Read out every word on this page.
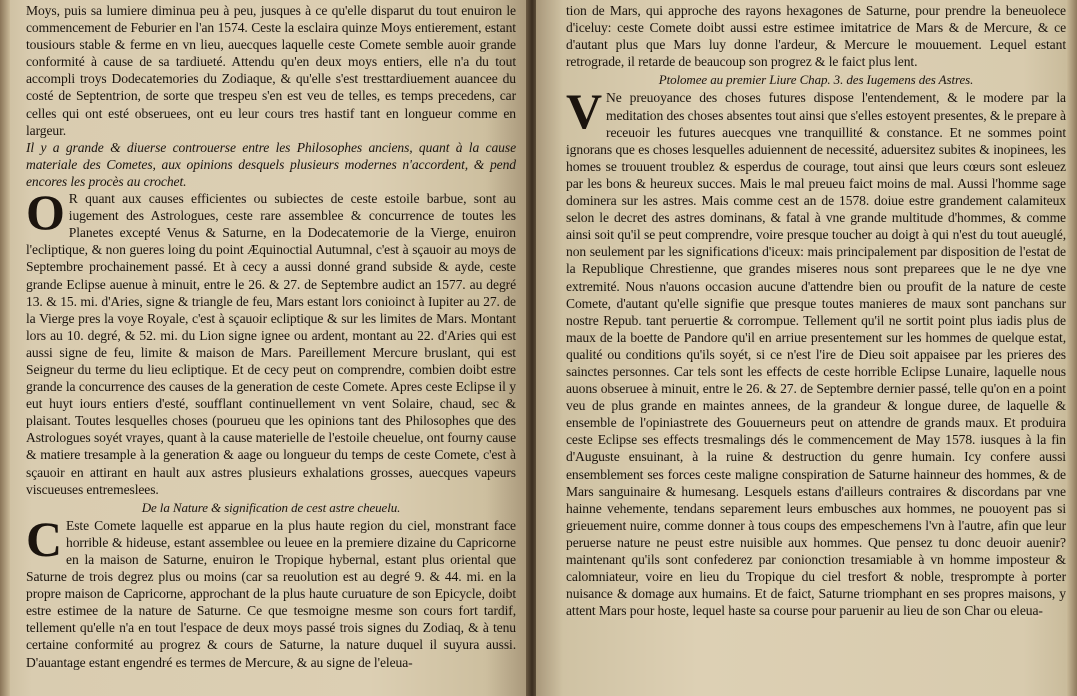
Moys, puis sa lumiere diminua peu à peu, jusques à ce qu'elle disparut du tout enuiron le commencement de Feburier en l'an 1574. Ceste la esclaira quinze Moys entierement, estant tousiours stable & ferme en vn lieu, auecques laquelle ceste Comete semble auoir grande conformité à cause de sa tardiueté. Attendu qu'en deux moys entiers, elle n'a du tout accompli troys Dodecatemories du Zodiaque, & qu'elle s'est tresttardiuement auancee du costé de Septentrion, de sorte que trespeu s'en est veu de telles, es temps precedens, car celles qui ont esté obseruees, ont eu leur cours tres hastif tant en longueur comme en largeur.

Il y a grande & diuerse controuerse entre les Philosophes anciens, quant à la cause materiale des Cometes, aux opinions desquels plusieurs modernes n'accordent, & pend encores les procès au crochet.

O R quant aux causes efficientes ou subiectes de ceste estoile barbue, sont au iugement des Astrologues, ceste rare assemblee & concurrence de toutes les Planetes excepté Venus & Saturne, en la Dodecatemorie de la Vierge, enuiron l'ecliptique, & non gueres loing du point Æquinoctial Autumnal, c'est à sçauoir au moys de Septembre prochainement passé. Et à cecy a aussi donné grand subside & ayde, ceste grande Eclipse auenue à minuit, entre le 26. & 27. de Septembre audict an 1577. au degré 13. & 15. mi. d'Aries, signe & triangle de feu, Mars estant lors conioinct à Iupiter au 27. de la Vierge pres la voye Royale, c'est à sçauoir ecliptique & sur les limites de Mars. Montant lors au 10. degré, & 52. mi. du Lion signe ignee ou ardent, montant au 22. d'Aries qui est aussi signe de feu, limite & maison de Mars. Pareillement Mercure bruslant, qui est Seigneur du terme du lieu ecliptique. Et de cecy peut on comprendre, combien doibt estre grande la concurrence des causes de la generation de ceste Comete. Apres ceste Eclipse il y eut huyt iours entiers d'esté, soufflant continuellement vn vent Solaire, chaud, sec & plaisant. Toutes lesquelles choses (pourueu que les opinions tant des Philosophes que des Astrologues soyét vrayes, quant à la cause materielle de l'estoile cheuelue, ont fourny cause & matiere tresample à la generation & aage ou longueur du temps de ceste Comete, c'est à sçauoir en attirant en hault aux astres plusieurs exhalations grosses, auecques vapeurs viscueuses entremeslees.

De la Nature & signification de cest astre cheuelu.

C Este Comete laquelle est apparue en la plus haute region du ciel, monstrant face horrible & hideuse, estant assemblee ou leuee en la premiere dizaine du Capricorne en la maison de Saturne, enuiron le Tropique hybernal, estant plus oriental que Saturne de trois degrez plus ou moins (car sa reuolution est au degré 9. & 44. mi. en la propre maison de Capricorne, approchant de la plus haute curuature de son Epicycle, doibt estre estimee de la nature de Saturne. Ce que tesmoigne mesme son cours fort tardif, tellement qu'elle n'a en tout l'espace de deux moys passé trois signes du Zodiaq, & à tenu certaine conformité au progrez & cours de Saturne, la nature duquel il suyura aussi. D'auantage estant engendré es termes de Mercure, & au signe de l'eleua-

tion de Mars, qui approche des rayons hexagones de Saturne, pour prendre la beneuolece d'iceluy: ceste Comete doibt aussi estre estimee imitatrice de Mars & de Mercure, & ce d'autant plus que Mars luy donne l'ardeur, & Mercure le mouuement. Lequel estant retrograde, il retarde de beaucoup son progrez & le faict plus lent.

Ptolomee au premier Liure Chap. 3. des Iugemens des Astres.

V Ne preuoyance des choses futures dispose l'entendement, & le modere par la meditation des choses absentes tout ainsi que s'elles estoyent presentes, & le prepare à receuoir les futures auecques vne tranquillité & constance. Et ne sommes point ignorans que es choses lesquelles aduiennent de necessité, aduersitez subites & inopinees, les homes se trouuent troublez & esperdus de courage, tout ainsi que leurs cœurs sont esleuez par les bons & heureux succes. Mais le mal preueu faict moins de mal. Aussi l'homme sage dominera sur les astres. Mais comme cest an de 1578. doiue estre grandement calamiteux selon le decret des astres dominans, & fatal à vne grande multitude d'hommes, & comme ainsi soit qu'il se peut comprendre, voire presque toucher au doigt à qui n'est du tout aueuglé, non seulement par les significations d'iceux: mais principalement par disposition de l'estat de la Republique Chrestienne, que grandes miseres nous sont preparees que le ne dye vne extremité. Nous n'auons occasion aucune d'attendre bien ou proufit de la nature de ceste Comete, d'autant qu'elle signifie que presque toutes manieres de maux sont panchans sur nostre Repub. tant peruertie & corrompue. Tellement qu'il ne sortit point plus iadis plus de maux de la boette de Pandore qu'il en arriue presentement sur les hommes de quelque estat, qualité ou conditions qu'ils soyét, si ce n'est l'ire de Dieu soit appaisee par les prieres des sainctes personnes. Car tels sont les effects de ceste horrible Eclipse Lunaire, laquelle nous auons obseruee à minuit, entre le 26. & 27. de Septembre dernier passé, telle qu'on en a point veu de plus grande en maintes annees, de la grandeur & longue duree, de laquelle & ensemble de l'opiniastrete des Gouuerneurs peut on attendre de grands maux. Et produira ceste Eclipse ses effects tresmalings dés le commencement de May 1578. iusques à la fin d'Auguste ensuinant, à la ruine & destruction du genre humain. Icy confere aussi ensemblement ses forces ceste maligne conspiration de Saturne hainneur des hommes, & de Mars sanguinaire & humesang. Lesquels estans d'ailleurs contraires & discordans par vne hainne vehemente, tendans separement leurs embusches aux hommes, ne pouoyent pas si grieuement nuire, comme donner à tous coups des empeschemens l'vn à l'autre, afin que leur peruerse nature ne peust estre nuisible aux hommes. Que pensez tu donc deuoir auenir? maintenant qu'ils sont confederez par conionction tresamiable à vn homme imposteur & calomniateur, voire en lieu du Tropique du ciel tresfort & noble, tresprompte à porter nuisance & domage aux humains. Et de faict, Saturne triomphant en ses propres maisons, y attent Mars pour hoste, lequel haste sa course pour paruenir au lieu de son Char ou eleua-
